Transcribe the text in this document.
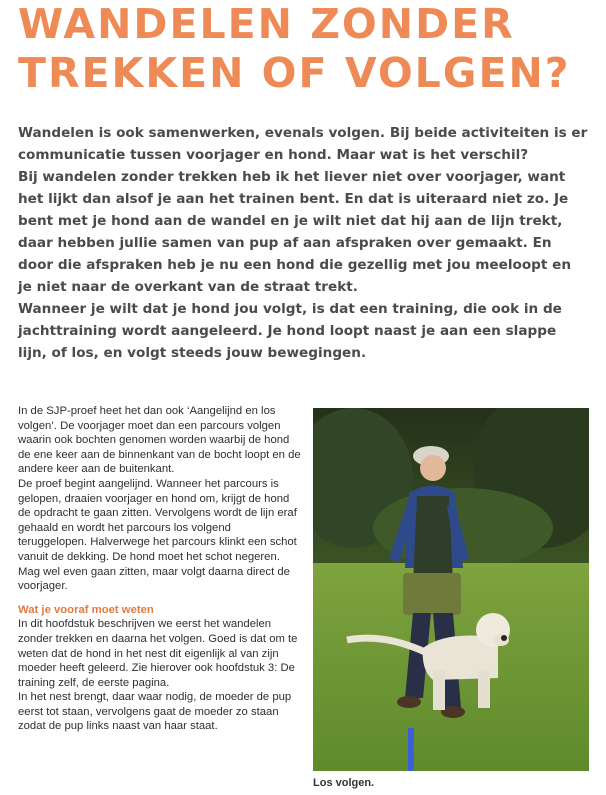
WANDELEN ZONDER
TREKKEN OF VOLGEN?

Wandelen is ook samenwerken, evenals volgen. Bij beide activiteiten is er communicatie tussen voorjager en hond. Maar wat is het verschil?

Bij wandelen zonder trekken heb ik het liever niet over voorjager, want het lijkt dan alsof je aan het trainen bent. En dat is uiteraard niet zo. Je bent met je hond aan de wandel en je wilt niet dat hij aan de lijn trekt, daar hebben jullie samen van pup af aan afspraken over gemaakt. En door die afspraken heb je nu een hond die gezellig met jou meeloopt en je niet naar de overkant van de straat trekt.

Wanneer je wilt dat je hond jou volgt, is dat een training, die ook in de jachttraining wordt aangeleerd. Je hond loopt naast je aan een slappe lijn, of los, en volgt steeds jouw bewegingen.

In de SJP-proef heet het dan ook ‘Aangelijnd en los volgen’. De voorjager moet dan een parcours volgen waarin ook bochten genomen worden waarbij de hond de ene keer aan de binnenkant van de bocht loopt en de andere keer aan de buitenkant.

De proef begint aangelijnd. Wanneer het parcours is gelopen, draaien voorjager en hond om, krijgt de hond de opdracht te gaan zitten. Vervolgens wordt de lijn eraf gehaald en wordt het parcours los volgend teruggelopen. Halverwege het parcours klinkt een schot vanuit de dekking. De hond moet het schot negeren. Mag wel even gaan zitten, maar volgt daarna direct de voorjager.

Wat je vooraf moet weten

In dit hoofdstuk beschrijven we eerst het wandelen zonder trekken en daarna het volgen. Goed is dat om te weten dat de hond in het nest dit eigenlijk al van zijn moeder heeft geleerd. Zie hierover ook hoofdstuk 3: De training zelf, de eerste pagina.

In het nest brengt, daar waar nodig, de moeder de pup eerst tot staan, vervolgens gaat de moeder zo staan zodat de pup links naast van haar staat.

Los volgen.
